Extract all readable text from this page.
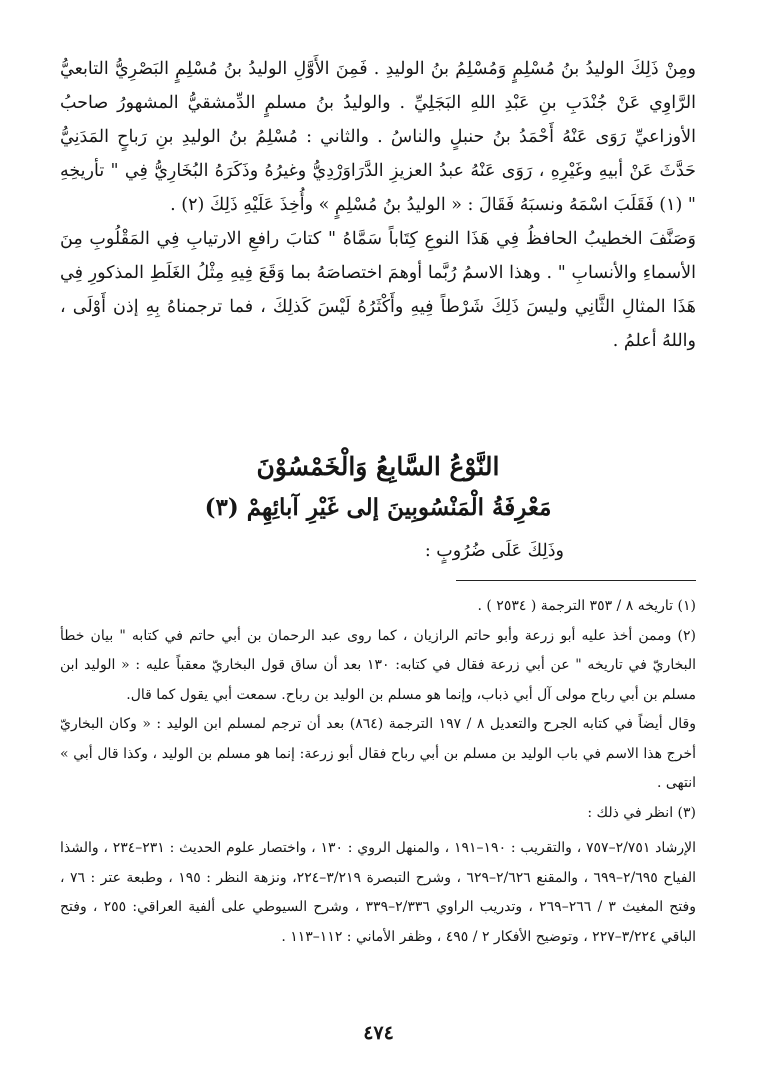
ومِنْ ذَلِكَ الوليدُ بنُ مُسْلِمٍ وَمُسْلِمُ بنُ الوليدِ . فَمِنَ الأَوَّلِ الوليدُ بنُ مُسْلِمٍ البَصْرِيُّ التابعيُّ الرَّاوِي عَنْ جُنْدَبِ بنِ عَبْدِ اللهِ البَجَلِيِّ . والوليدُ بنُ مسلمٍ الدِّمشقيُّ المشهورُ صاحبُ الأوزاعيِّ رَوَى عَنْهُ أَحْمَدُ بنُ حنبلٍ والناسُ . والثاني : مُسْلِمُ بنُ الوليدِ بنِ رَباحٍ المَدَنِيُّ حَدَّثَ عَنْ أبيهِ وغَيْرِهِ ، رَوَى عَنْهُ عبدُ العزيزِ الدَّرَاوَرْدِيُّ وغيرُهُ وذَكَرَهُ البُخَارِيُّ فِي " تأريخِهِ " (١) فَقَلَبَ اسْمَهُ ونسبَهُ فَقَالَ : « الوليدُ بنُ مُسْلِمٍ » وأُخِذَ عَلَيْهِ ذَلِكَ (٢) .

وَصَنَّفَ الخطيبُ الحافظُ فِي هَذَا النوعِ كِتَاباً سَمَّاهُ " كتابَ رافعِ الارتيابِ فِي المَقْلُوبِ مِنَ الأسماءِ والأنسابِ " . وهذا الاسمُ رُبَّما أوهمَ اختصاصَهُ بما وَقَعَ فِيهِ مِثْلُ الغَلَطِ المذكورِ فِي هَذَا المثالِ الثَّانِي وليسَ ذَلِكَ شَرْطاً فِيهِ وأَكْثَرُهُ لَيْسَ كَذلِكَ ، فما ترجمناهُ بِهِ إذن أَوْلَى ، واللهُ أعلمُ .

النَّوْعُ السَّابِعُ وَالْخَمْسُوْنَ

مَعْرِفَةُ الْمَنْسُوبِينَ إلى غَيْرِ آبائِهِمْ (٣)

وذَلِكَ عَلَى ضُرُوبٍ :

(١) تاريخه ٨ / ٣٥٣ الترجمة ( ٢٥٣٤ ) .

(٢) وممن أخذ عليه أبو زرعة وأبو حاتم الرازيان ، كما روى عبد الرحمان بن أبي حاتم في كتابه " بيان خطأ البخاريّ في تاريخه " عن أبي زرعة فقال في كتابه: ١٣٠ بعد أن ساق قول البخاريّ معقباً عليه : « الوليد ابن مسلم بن أبي رباح مولى آل أبي ذباب، وإنما هو مسلم بن الوليد بن رباح. سمعت أبي يقول كما قال.

وقال أيضاً في كتابه الجرح والتعديل ٨ / ١٩٧ الترجمة (٨٦٤) بعد أن ترجم لمسلم ابن الوليد : « وكان البخاريّ أخرج هذا الاسم في باب الوليد بن مسلم بن أبي رباح فقال أبو زرعة: إنما هو مسلم بن الوليد ، وكذا قال أبي » انتهى .

(٣) انظر في ذلك :

الإرشاد ٢/٧٥١–٧٥٧ ، والتقريب : ١٩٠–١٩١ ، والمنهل الروي : ١٣٠ ، واختصار علوم الحديث : ٢٣١–٢٣٤ ، والشذا الفياح ٢/٦٩٥–٦٩٩ ، والمقنع ٢/٦٢٦–٦٢٩ ، وشرح التبصرة ٣/٢١٩–٢٢٤، ونزهة النظر : ١٩٥ ، وطبعة عتر : ٧٦ ، وفتح المغيث ٣ / ٢٦٦–٢٦٩ ، وتدريب الراوي ٢/٣٣٦–٣٣٩ ، وشرح السيوطي على ألفية العراقي: ٢٥٥ ، وفتح الباقي ٣/٢٢٤–٢٢٧ ، وتوضيح الأفكار ٢ / ٤٩٥ ، وظفر الأماني : ١١٢–١١٣ .

٤٧٤
